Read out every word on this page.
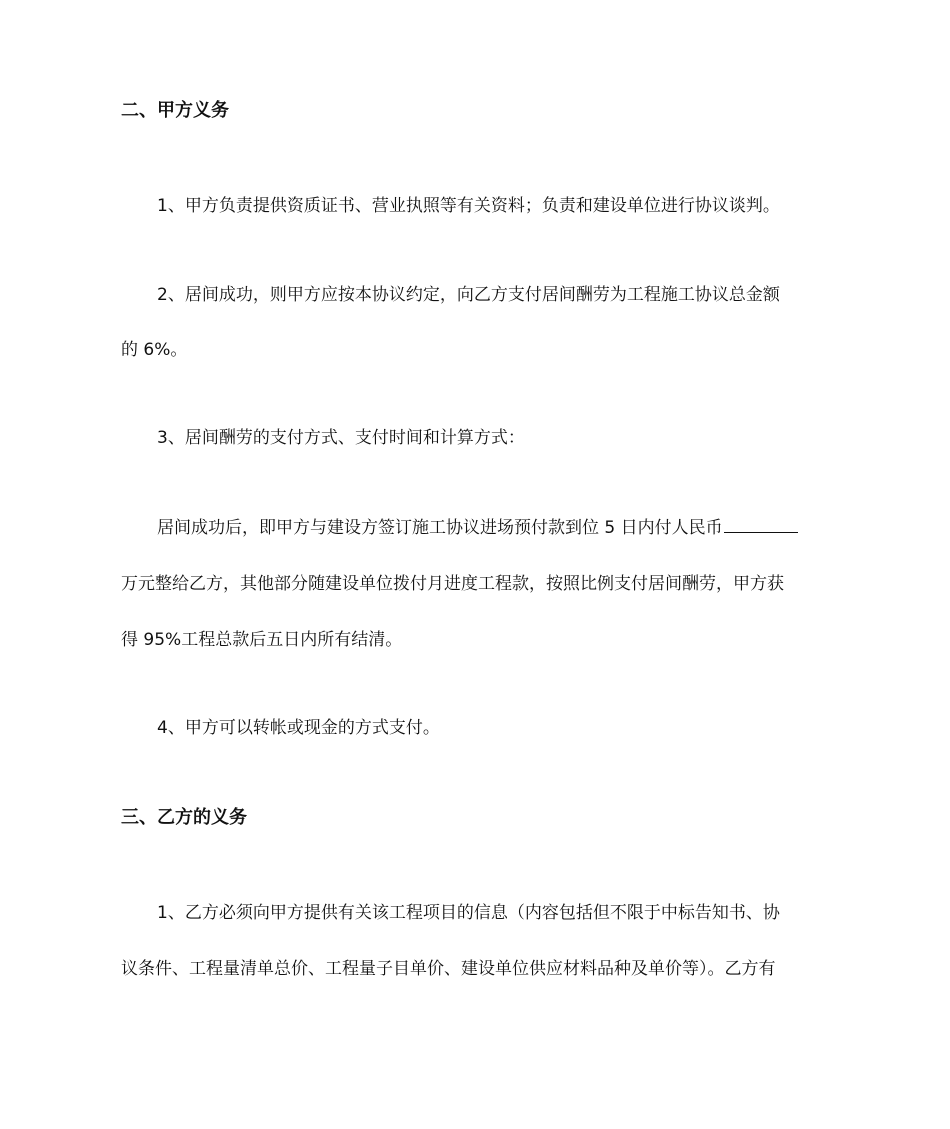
二、甲方义务
1、甲方负责提供资质证书、营业执照等有关资料；负责和建设单位进行协议谈判。
2、居间成功，则甲方应按本协议约定，向乙方支付居间酬劳为工程施工协议总金额
的 6%。
3、居间酬劳的支付方式、支付时间和计算方式：
居间成功后，即甲方与建设方签订施工协议进场预付款到位 5 日内付人民币
万元整给乙方，其他部分随建设单位拨付月进度工程款，按照比例支付居间酬劳，甲方获
得 95%工程总款后五日内所有结清。
4、甲方可以转帐或现金的方式支付。
三、乙方的义务
1、乙方必须向甲方提供有关该工程项目的信息（内容包括但不限于中标告知书、协
议条件、工程量清单总价、工程量子目单价、建设单位供应材料品种及单价等）。乙方有
